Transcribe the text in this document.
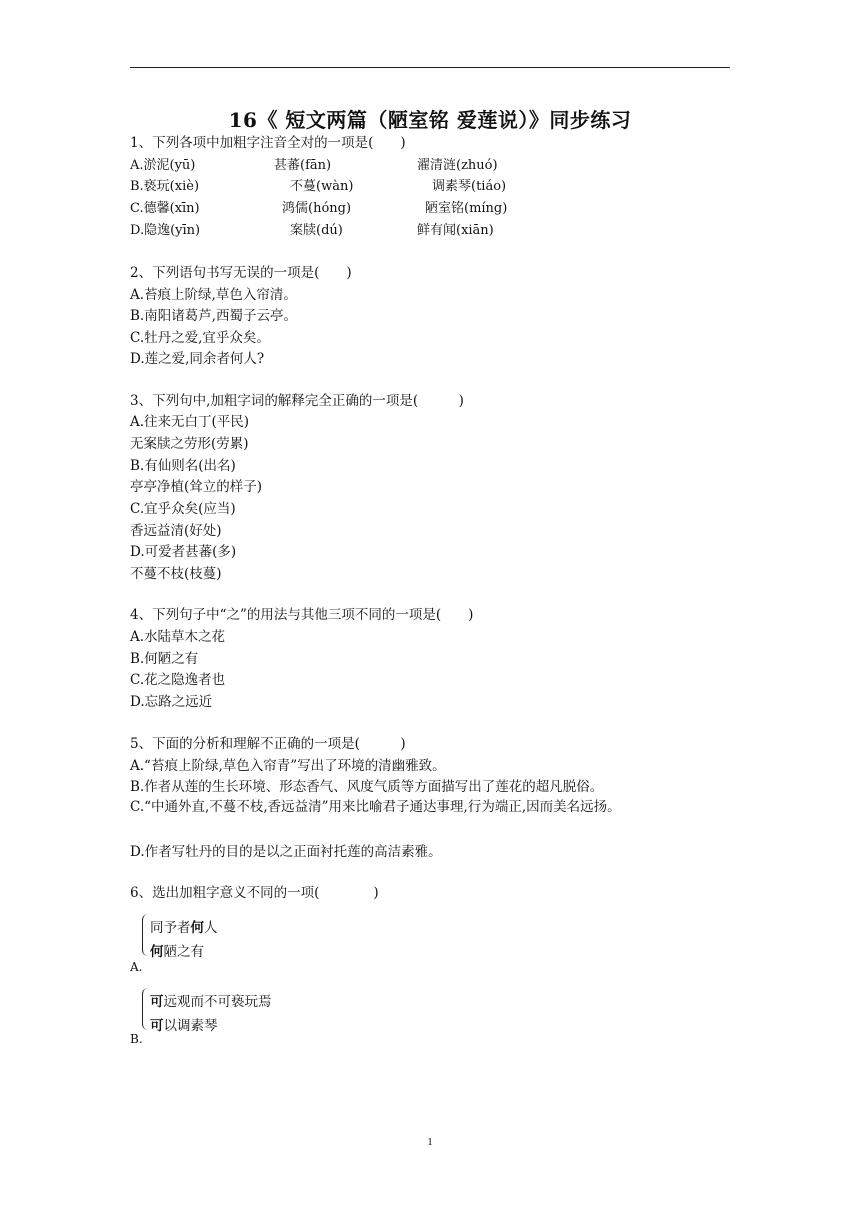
16《 短文两篇（陋室铭 爱莲说）》同步练习
1、下列各项中加粗字注音全对的一项是(　　)
A.淤泥(yū)	甚蕃(fān)	濯清涟(zhuó)
B.亵玩(xiè)	不蔓(wàn)	调素琴(tiáo)
C.德馨(xīn)	鸿儒(hóng)	陋室铭(míng)
D.隐逸(yīn)	案牍(dú)	鲜有闻(xiān)
2、下列语句书写无误的一项是(　　)
A.苔痕上阶绿,草色入帘清。
B.南阳诸葛芦,西蜀子云亭。
C.牡丹之爱,宜乎众矣。
D.莲之爱,同余者何人?
3、下列句中,加粗字词的解释完全正确的一项是(　　　)
A.往来无白丁(平民)
无案牍之劳形(劳累)
B.有仙则名(出名)
亭亭净植(耸立的样子)
C.宜乎众矣(应当)
香远益清(好处)
D.可爱者甚蕃(多)
不蔓不枝(枝蔓)
4、下列句子中“之”的用法与其他三项不同的一项是(　　)
A.水陆草木之花
B.何陋之有
C.花之隐逸者也
D.忘路之远近
5、下面的分析和理解不正确的一项是(　　　)
A.“苔痕上阶绿,草色入帘青”写出了环境的清幽雅致。
B.作者从莲的生长环境、形态香气、风度气质等方面描写出了莲花的超凡脱俗。
C.“中通外直,不蔓不枝,香远益清”用来比喻君子通达事理,行为端正,因而美名远扬。
D.作者写牡丹的目的是以之正面衬托莲的高洁素雅。
6、选出加粗字意义不同的一项(　　　　)
同予者何人
何陋之有
A.
可远观而不可亵玩焉
可以调素琴
B.
1
